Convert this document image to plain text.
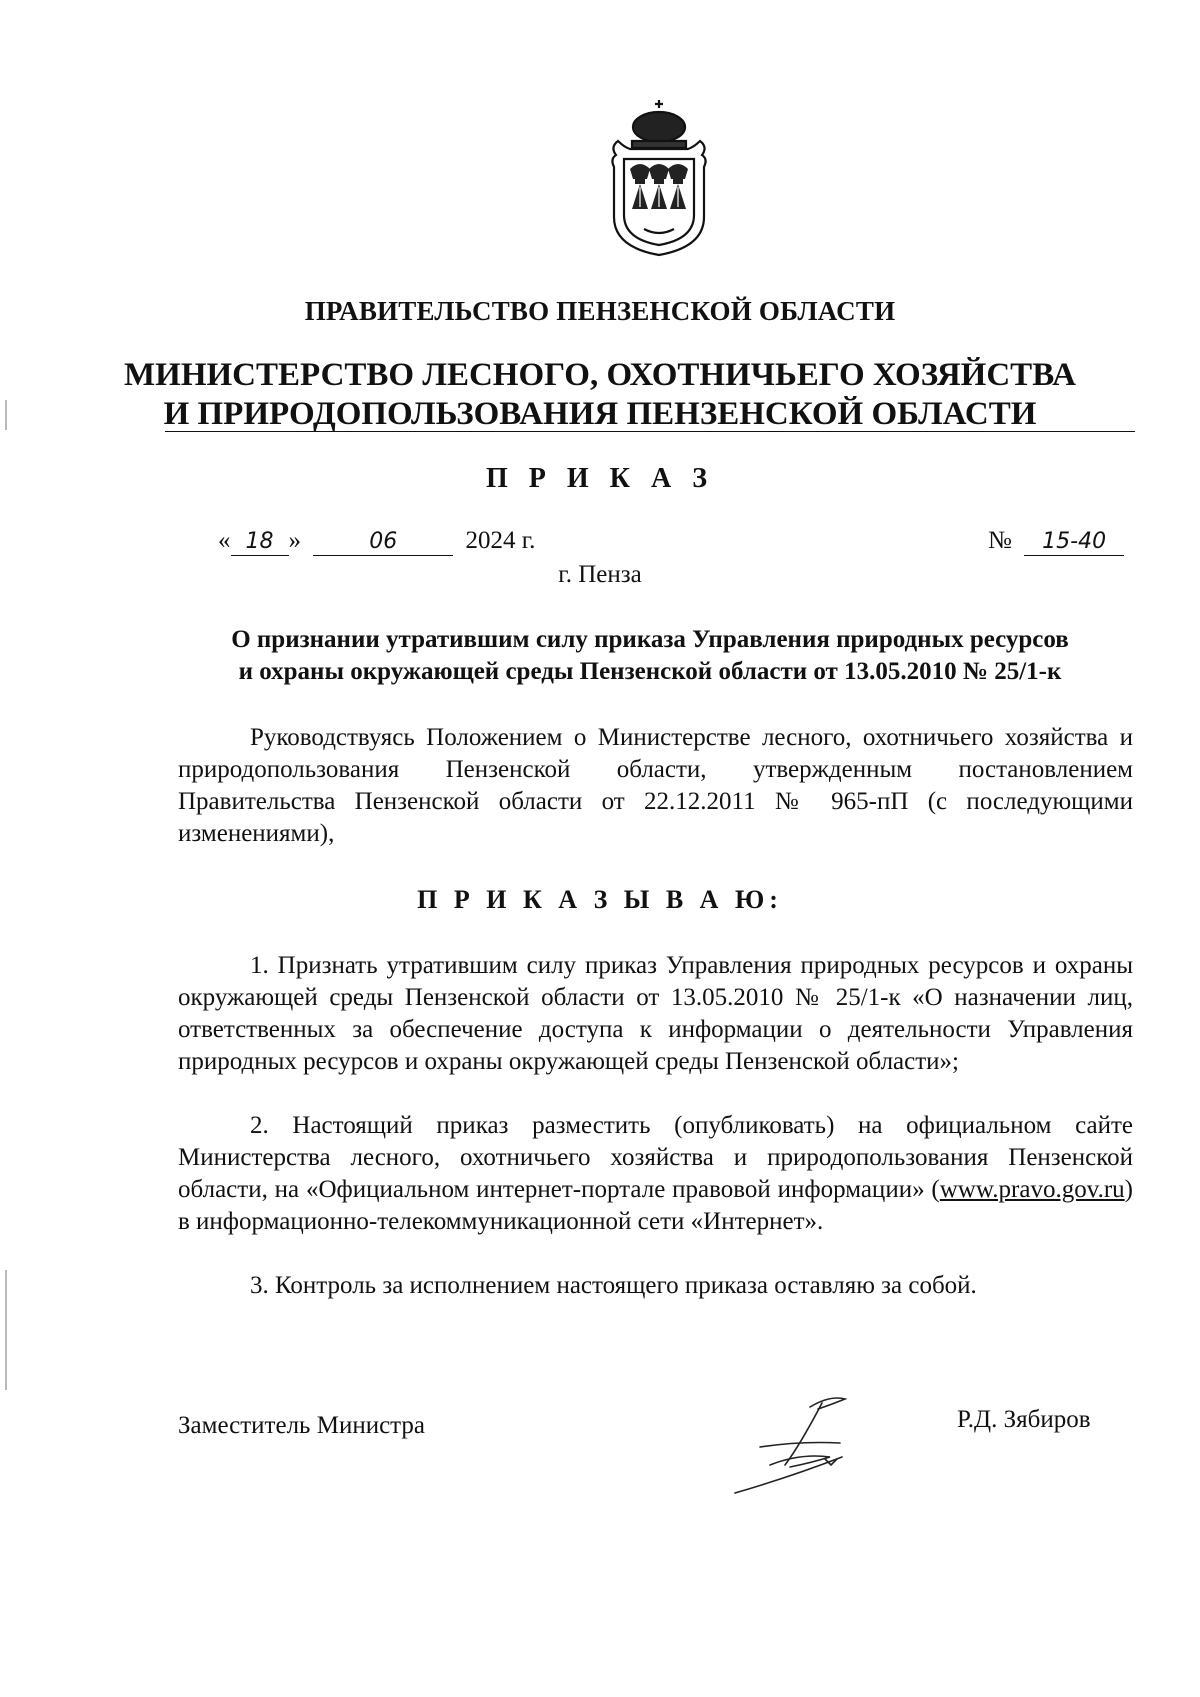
ПРАВИТЕЛЬСТВО ПЕНЗЕНСКОЙ ОБЛАСТИ
МИНИСТЕРСТВО ЛЕСНОГО, ОХОТНИЧЬЕГО ХОЗЯЙСТВА
И ПРИРОДОПОЛЬЗОВАНИЯ ПЕНЗЕНСКОЙ ОБЛАСТИ
П Р И К А З
« 18 »	06	2024 г.	№ 15-40
г. Пенза
О признании утратившим силу приказа Управления природных ресурсов
и охраны окружающей среды Пензенской области от 13.05.2010 № 25/1-к

Руководствуясь Положением о Министерстве лесного, охотничьего хозяйства и природопользования Пензенской области, утвержденным постановлением Правительства Пензенской области от 22.12.2011 № 965-пП (с последующими изменениями),

П Р И К А З Ы В А Ю:

1. Признать утратившим силу приказ Управления природных ресурсов и охраны окружающей среды Пензенской области от 13.05.2010 № 25/1-к «О назначении лиц, ответственных за обеспечение доступа к информации о деятельности Управления природных ресурсов и охраны окружающей среды Пензенской области»;

2. Настоящий приказ разместить (опубликовать) на официальном сайте Министерства лесного, охотничьего хозяйства и природопользования Пензенской области, на «Официальном интернет-портале правовой информации» (www.pravo.gov.ru) в информационно-телекоммуникационной сети «Интернет».

3. Контроль за исполнением настоящего приказа оставляю за собой.

Заместитель Министра	Р.Д. Зябиров
